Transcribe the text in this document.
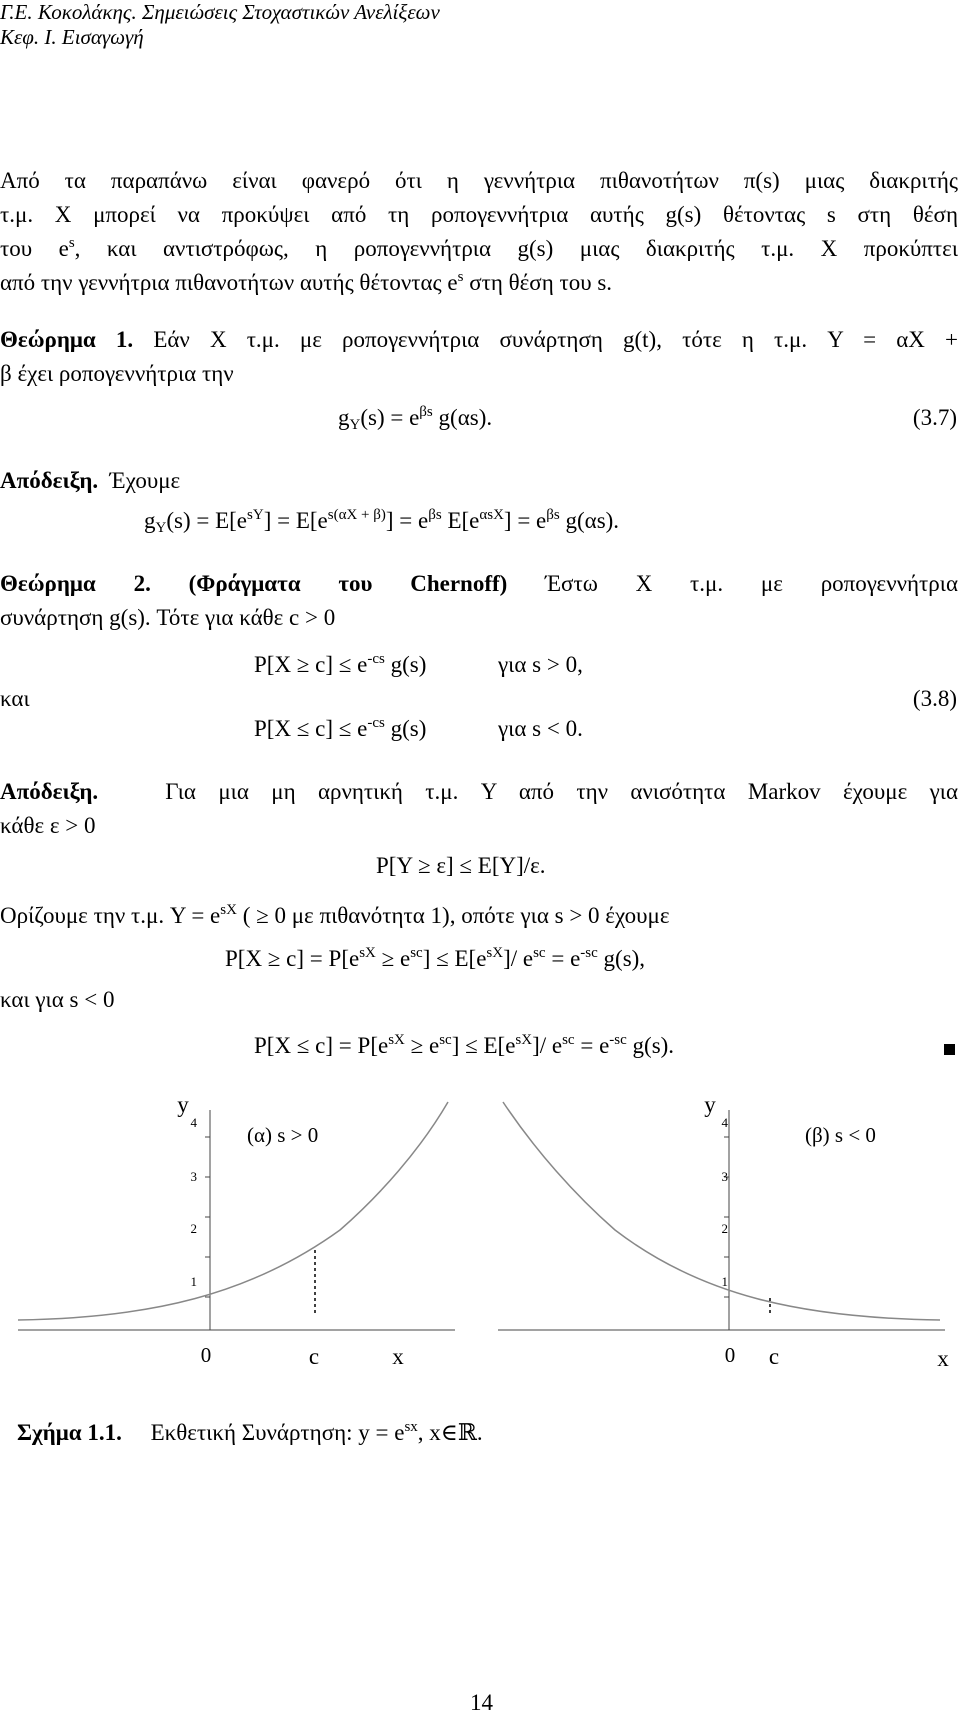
Γ.Ε. Κοκολάκης. Σημειώσεις Στοχαστικών Ανελίξεων
Κεφ. Ι. Εισαγωγή
Από τα παραπάνω είναι φανερό ότι η γεννήτρια πιθανοτήτων π(s) μιας διακριτής
τ.μ. X μπορεί να προκύψει από τη ροπογεννήτρια αυτής g(s) θέτοντας s στη θέση
του $e^s$, και αντιστρόφως, η ροπογεννήτρια g(s) μιας διακριτής τ.μ. X προκύπτει
από την γεννήτρια πιθανοτήτων αυτής θέτοντας $e^s$ στη θέση του s.
Θεώρημα 1. Εάν X τ.μ. με ροπογεννήτρια συνάρτηση g(t), τότε η τ.μ. Y = αX +
β έχει ροπογεννήτρια την
$g_Y(s) = e^{\beta s}$ g(αs).	(3.7)
Απόδειξη. Έχουμε
$g_Y(s) = E[e^{sY}] = E[e^{s(\alpha X + \beta)}] = e^{\beta s}$ $E[e^{\alpha sX}] = e^{\beta s}$ g(αs).
Θεώρημα 2. (Φράγματα του Chernoff) Έστω X τ.μ. με ροπογεννήτρια
συνάρτηση g(s). Τότε για κάθε c > 0
$P[X \ge c] \le e^{-cs}$ g(s)	για s > 0,
και	(3.8)
$P[X \le c] \le e^{-cs}$ g(s)	για s < 0.
Απόδειξη.	Για μια μη αρνητική τ.μ. Y από την ανισότητα Markov έχουμε για
κάθε ε > 0
P[Y ≥ ε] ≤ E[Y]/ε.
Ορίζουμε την τ.μ. $Y = e^{sX}$ ( ≥ 0 με πιθανότητα 1), οπότε για s > 0 έχουμε
$P[X \ge c] = P[e^{sX} \ge e^{sc}] \le E[e^{sX}]/$ $e^{sc} = e^{-sc}$ g(s),
και για s < 0
$P[X \le c] = P[e^{sX} \ge e^{sc}] \le E[e^{sX}]/$ $e^{sc} = e^{-sc}$ g(s).
y
4
3
2
1
(α) s > 0
0	c	x
y
4
3
2
1
(β) s < 0
0 c	x
Σχήμα 1.1. Εκθετική Συνάρτηση: $y = e^{sx}$, x∈ℝ.
14
